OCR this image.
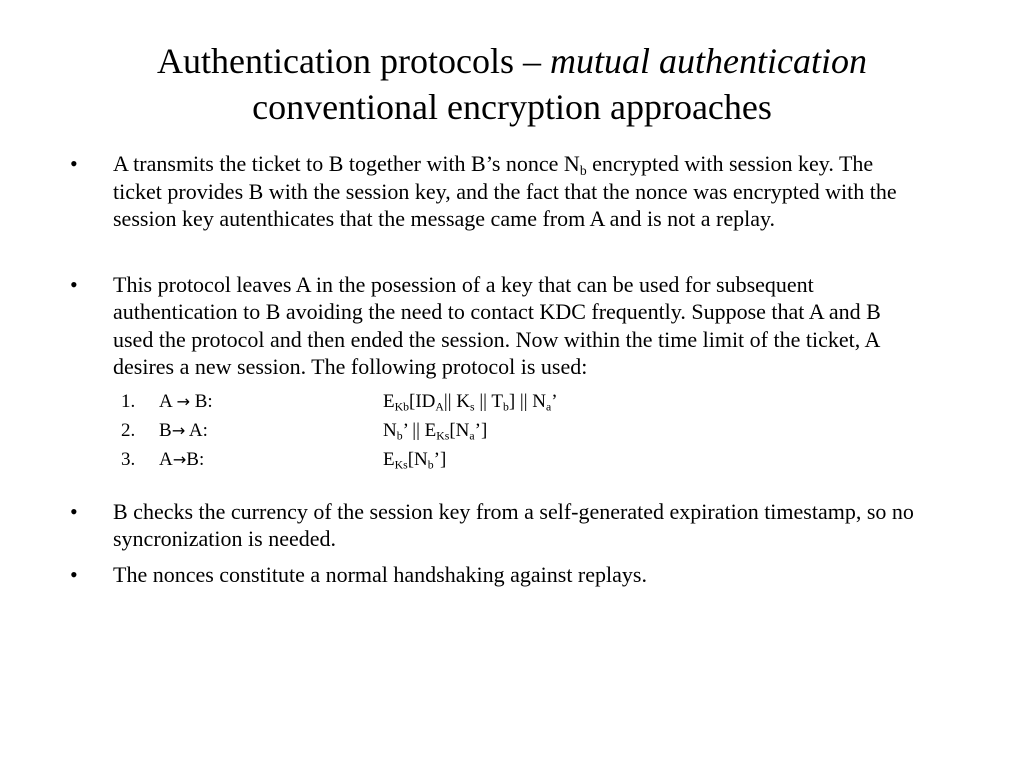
Authentication protocols – mutual authentication
conventional encryption approaches
• A transmits the ticket to B together with B’s nonce $N_b$ encrypted with session key. The ticket provides B with the session key, and the fact that the nonce was encrypted with the session key autenthicates that the message came from A and is not a replay.
• This protocol leaves A in the posession of a key that can be used for subsequent authentication to B avoiding the need to contact KDC frequently. Suppose that A and B used the protocol and then ended the session. Now within the time limit of the ticket, A desires a new session. The following protocol is used:
1. A → B:	$E_{Kb}[ID_A||$ $K_s$ || $T_b$] || $N_a$’
2. B→ A:	$N_b$’ || $E_{Ks}[N_a’]$
3. A→B:	$E_{Ks}[N_b’]$
• B checks the currency of the session key from a self-generated expiration timestamp, so no syncronization is needed.
• The nonces constitute a normal handshaking against replays.
